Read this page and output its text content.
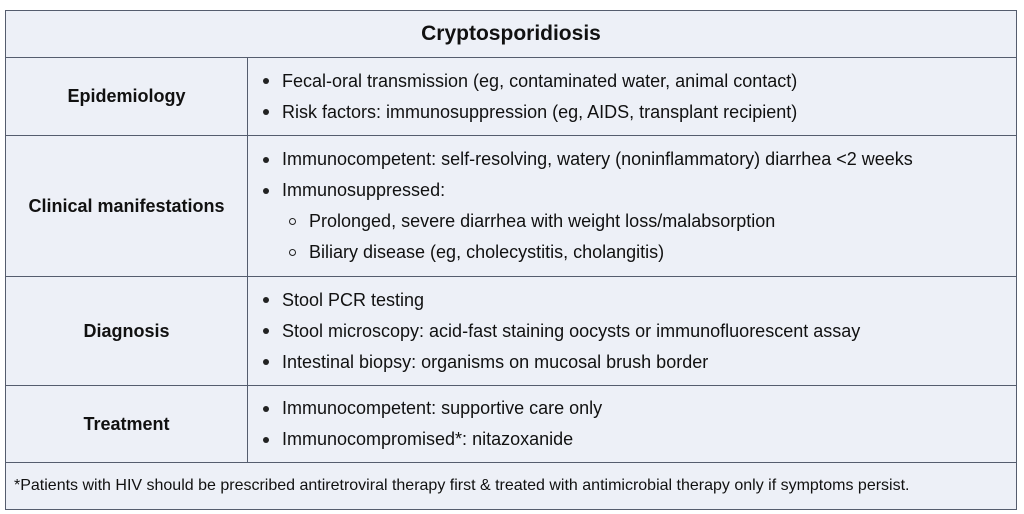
Cryptosporidiosis
Epidemiology
Fecal-oral transmission (eg, contaminated water, animal contact)
Risk factors: immunosuppression (eg, AIDS, transplant recipient)
Clinical manifestations
Immunocompetent: self-resolving, watery (noninflammatory) diarrhea <2 weeks
Immunosuppressed:
Prolonged, severe diarrhea with weight loss/malabsorption
Biliary disease (eg, cholecystitis, cholangitis)
Diagnosis
Stool PCR testing
Stool microscopy: acid-fast staining oocysts or immunofluorescent assay
Intestinal biopsy: organisms on mucosal brush border
Treatment
Immunocompetent: supportive care only
Immunocompromised*: nitazoxanide
*Patients with HIV should be prescribed antiretroviral therapy first & treated with antimicrobial therapy only if symptoms persist.
